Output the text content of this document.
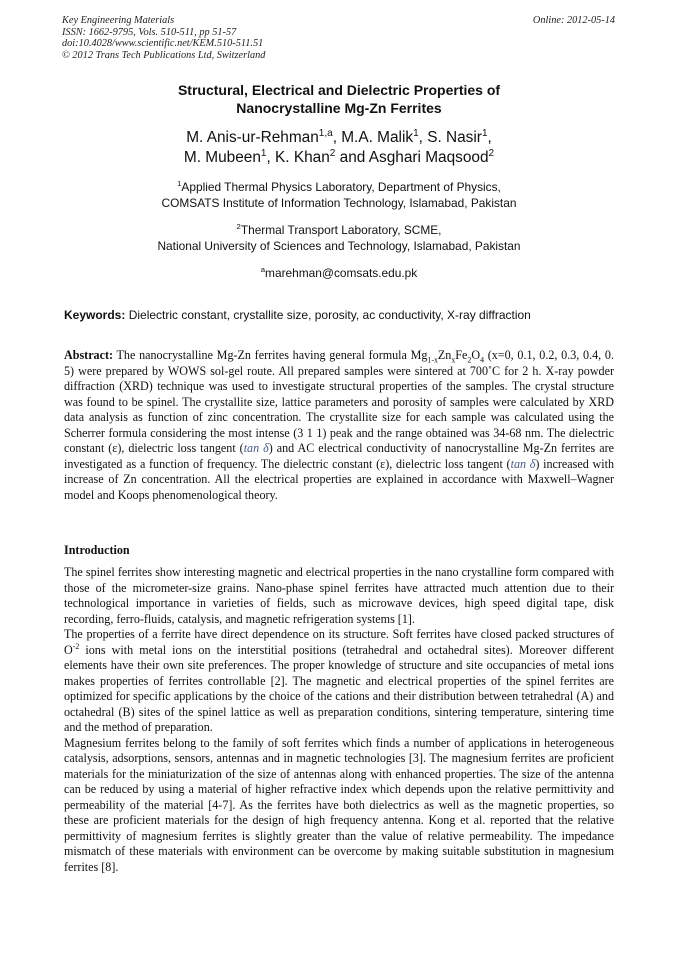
Key Engineering Materials
ISSN: 1662-9795, Vols. 510-511, pp 51-57
doi:10.4028/www.scientific.net/KEM.510-511.51
© 2012 Trans Tech Publications Ltd, Switzerland
Online: 2012-05-14
Structural, Electrical and Dielectric Properties of
Nanocrystalline Mg-Zn Ferrites
M. Anis-ur-Rehman$^{1,a}$, M.A. Malik$^1$, S. Nasir$^1$,
M. Mubeen$^1$, K. Khan$^2$ and Asghari Maqsood$^2$
$^1$Applied Thermal Physics Laboratory, Department of Physics,
COMSATS Institute of Information Technology, Islamabad, Pakistan
$^2$Thermal Transport Laboratory, SCME,
National University of Sciences and Technology, Islamabad, Pakistan
$^a$marehman@comsats.edu.pk
Keywords: Dielectric constant, crystallite size, porosity, ac conductivity, X-ray diffraction

Abstract: The nanocrystalline Mg-Zn ferrites having general formula $Mg_{1-x}Zn_xFe_2O_4$ (x=0, 0.1, 0.2, 0.3, 0.4, 0. 5) were prepared by WOWS sol-gel route. All prepared samples were sintered at 700˚C for 2 h. X-ray powder diffraction (XRD) technique was used to investigate structural properties of the samples. The crystal structure was found to be spinel. The crystallite size, lattice parameters and porosity of samples were calculated by XRD data analysis as function of zinc concentration. The crystallite size for each sample was calculated using the Scherrer formula considering the most intense (3 1 1) peak and the range obtained was 34-68 nm. The dielectric constant (ε), dielectric loss tangent (tan δ) and AC electrical conductivity of nanocrystalline Mg-Zn ferrites are investigated as a function of frequency. The dielectric constant (ε), dielectric loss tangent (tan δ) increased with increase of Zn concentration. All the electrical properties are explained in accordance with Maxwell–Wagner model and Koops phenomenological theory.

Introduction

The spinel ferrites show interesting magnetic and electrical properties in the nano crystalline form compared with those of the micrometer-size grains. Nano-phase spinel ferrites have attracted much attention due to their technological importance in varieties of fields, such as microwave devices, high speed digital tape, disk recording, ferro-fluids, catalysis, and magnetic refrigeration systems [1].

The properties of a ferrite have direct dependence on its structure. Soft ferrites have closed packed structures of $O^{-2}$ ions with metal ions on the interstitial positions (tetrahedral and octahedral sites). Moreover different elements have their own site preferences. The proper knowledge of structure and site occupancies of metal ions makes properties of ferrites controllable [2]. The magnetic and electrical properties of the spinel ferrites are optimized for specific applications by the choice of the cations and their distribution between tetrahedral (A) and octahedral (B) sites of the spinel lattice as well as preparation conditions, sintering temperature, sintering time and the method of preparation.

Magnesium ferrites belong to the family of soft ferrites which finds a number of applications in heterogeneous catalysis, adsorptions, sensors, antennas and in magnetic technologies [3]. The magnesium ferrites are proficient materials for the miniaturization of the size of antennas along with enhanced properties. The size of the antenna can be reduced by using a material of higher refractive index which depends upon the relative permittivity and permeability of the material [4-7]. As the ferrites have both dielectrics as well as the magnetic properties, so these are proficient materials for the design of high frequency antenna. Kong et al. reported that the relative permittivity of magnesium ferrites is slightly greater than the value of relative permeability. The impedance mismatch of these materials with environment can be overcome by making suitable substitution in magnesium ferrites [8].
